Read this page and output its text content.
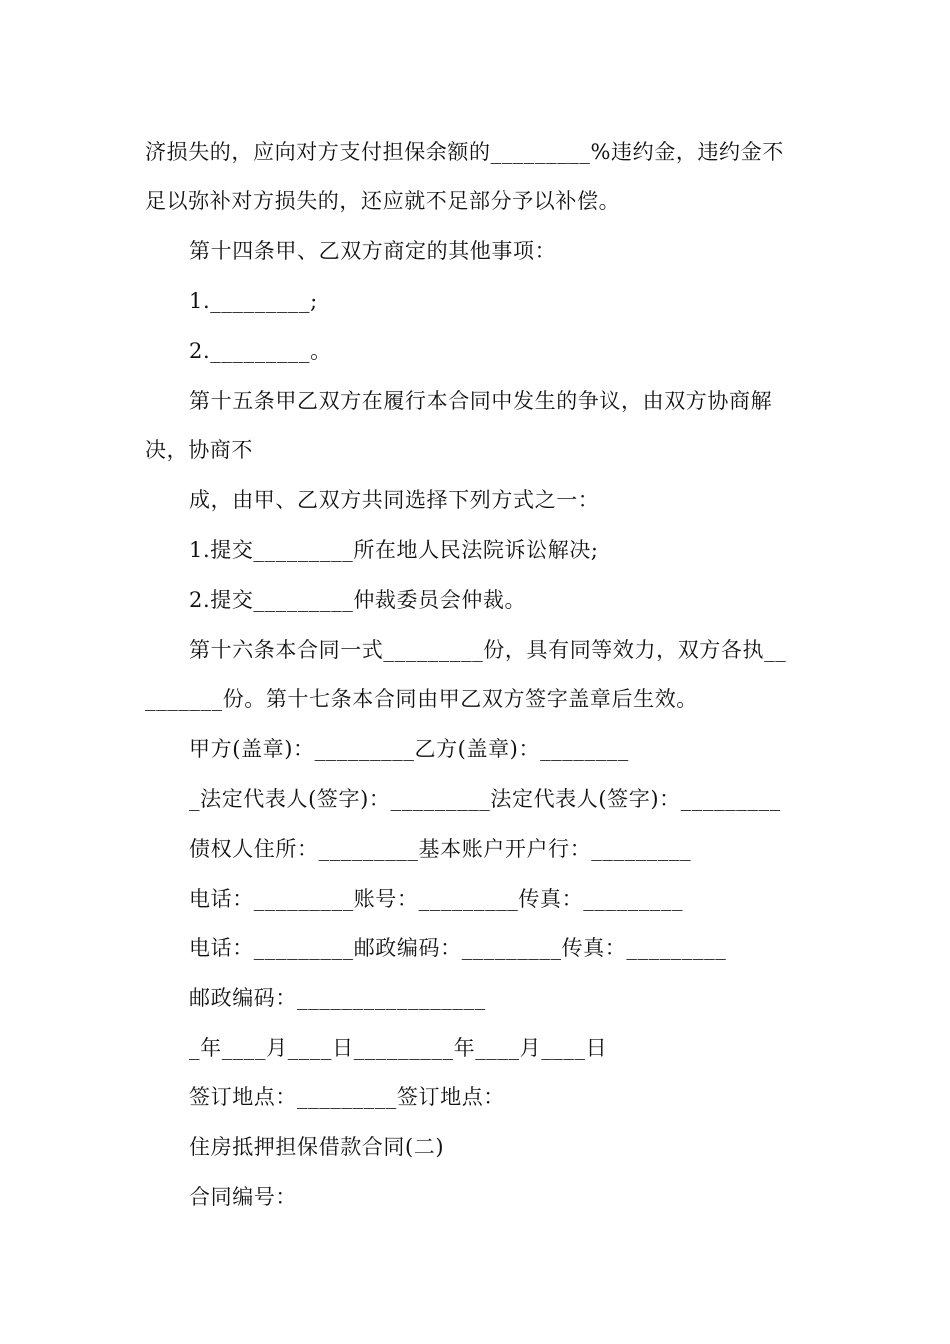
济损失的，应向对方支付担保余额的_________%违约金，违约金不
足以弥补对方损失的，还应就不足部分予以补偿。
第十四条甲、乙双方商定的其他事项：
1._________;
2._________。
第十五条甲乙双方在履行本合同中发生的争议，由双方协商解
决，协商不
成，由甲、乙双方共同选择下列方式之一：
1.提交_________所在地人民法院诉讼解决;
2.提交_________仲裁委员会仲裁。
第十六条本合同一式_________份，具有同等效力，双方各执__
_______份。第十七条本合同由甲乙双方签字盖章后生效。
甲方(盖章)：_________乙方(盖章)：________
_法定代表人(签字)：_________法定代表人(签字)：_________
债权人住所：_________基本账户开户行：_________
电话：_________账号：_________传真：_________
电话：_________邮政编码：_________传真：_________
邮政编码：_________________
_年____月____日_________年____月____日
签订地点：_________签订地点：
住房抵押担保借款合同(二)
合同编号：
